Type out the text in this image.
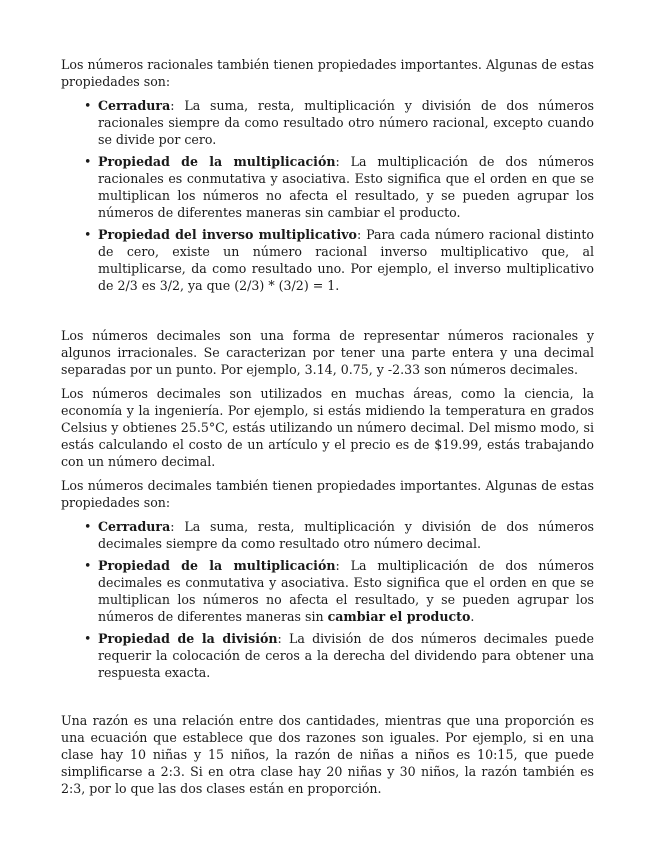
Los números racionales también tienen propiedades importantes. Algunas de estas propiedades son:

• Cerradura: La suma, resta, multiplicación y división de dos números racionales siempre da como resultado otro número racional, excepto cuando se divide por cero.
• Propiedad de la multiplicación: La multiplicación de dos números racionales es conmutativa y asociativa. Esto significa que el orden en que se multiplican los números no afecta el resultado, y se pueden agrupar los números de diferentes maneras sin cambiar el producto.
• Propiedad del inverso multiplicativo: Para cada número racional distinto de cero, existe un número racional inverso multiplicativo que, al multiplicarse, da como resultado uno. Por ejemplo, el inverso multiplicativo de 2/3 es 3/2, ya que (2/3) * (3/2) = 1.

Los números decimales son una forma de representar números racionales y algunos irracionales. Se caracterizan por tener una parte entera y una decimal separadas por un punto. Por ejemplo, 3.14, 0.75, y -2.33 son números decimales.

Los números decimales son utilizados en muchas áreas, como la ciencia, la economía y la ingeniería. Por ejemplo, si estás midiendo la temperatura en grados Celsius y obtienes 25.5°C, estás utilizando un número decimal. Del mismo modo, si estás calculando el costo de un artículo y el precio es de $19.99, estás trabajando con un número decimal.

Los números decimales también tienen propiedades importantes. Algunas de estas propiedades son:

• Cerradura: La suma, resta, multiplicación y división de dos números decimales siempre da como resultado otro número decimal.
• Propiedad de la multiplicación: La multiplicación de dos números decimales es conmutativa y asociativa. Esto significa que el orden en que se multiplican los números no afecta el resultado, y se pueden agrupar los números de diferentes maneras sin cambiar el producto.
• Propiedad de la división: La división de dos números decimales puede requerir la colocación de ceros a la derecha del dividendo para obtener una respuesta exacta.

Una razón es una relación entre dos cantidades, mientras que una proporción es una ecuación que establece que dos razones son iguales. Por ejemplo, si en una clase hay 10 niñas y 15 niños, la razón de niñas a niños es 10:15, que puede simplificarse a 2:3. Si en otra clase hay 20 niñas y 30 niños, la razón también es 2:3, por lo que las dos clases están en proporción.
